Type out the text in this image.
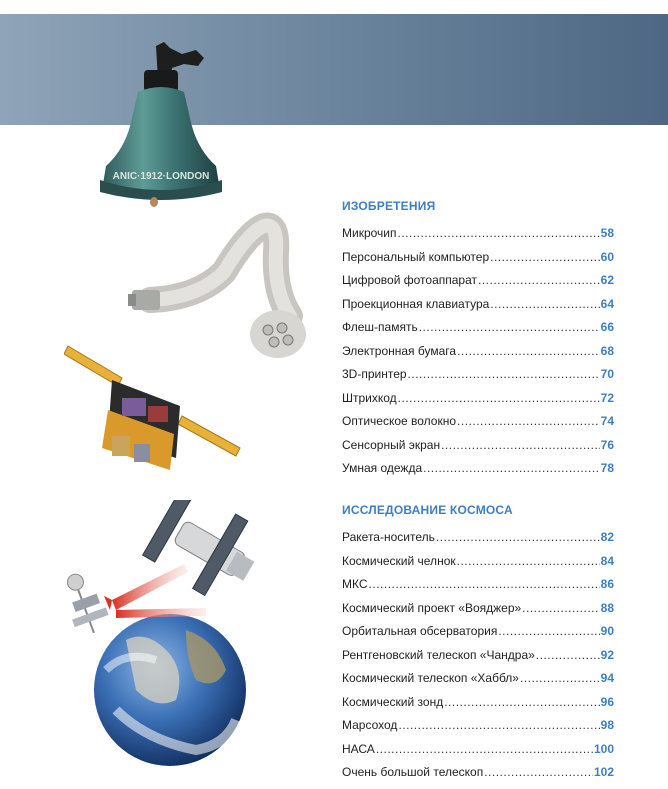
ANIC·1912·LONDON
ИЗОБРЕТЕНИЯ
Микрочип .....	58
Персональный компьютер .....	60
Цифровой фотоаппарат .....	62
Проекционная клавиатура .....	64
Флеш-память .....	66
Электронная бумага .....	68
3D-принтер .....	70
Штрихкод .....	72
Оптическое волокно .....	74
Сенсорный экран .....	76
Умная одежда .....	78
ИССЛЕДОВАНИЕ КОСМОСА
Ракета-носитель .....	82
Космический челнок .....	84
МКС .....	86
Космический проект «Вояджер» .....	88
Орбитальная обсерватория .....	90
Рентгеновский телескоп «Чандра» .....	92
Космический телескоп «Хаббл» .....	94
Космический зонд .....	96
Марсоход .....	98
НАСА .....	100
Очень большой телескоп .....	102
